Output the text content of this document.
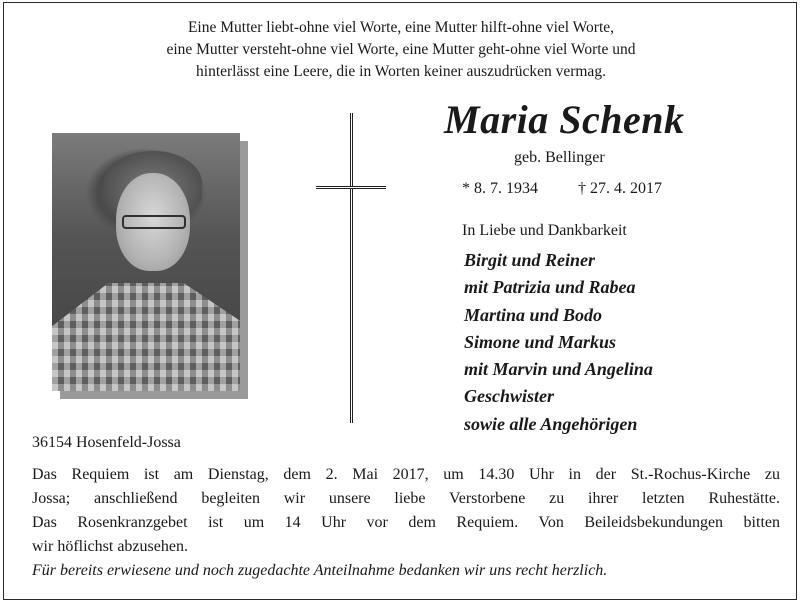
Eine Mutter liebt-ohne viel Worte, eine Mutter hilft-ohne viel Worte,
eine Mutter versteht-ohne viel Worte, eine Mutter geht-ohne viel Worte und
hinterlässt eine Leere, die in Worten keiner auszudrücken vermag.
Maria Schenk
geb. Bellinger
* 8. 7. 1934	† 27. 4. 2017
In Liebe und Dankbarkeit
Birgit und Reiner
mit Patrizia und Rabea
Martina und Bodo
Simone und Markus
mit Marvin und Angelina
Geschwister
sowie alle Angehörigen
36154 Hosenfeld-Jossa
Das Requiem ist am Dienstag, dem 2. Mai 2017, um 14.30 Uhr in der St.-Rochus-Kirche zu
Jossa; anschließend begleiten wir unsere liebe Verstorbene zu ihrer letzten Ruhestätte.
Das Rosenkranzgebet ist um 14 Uhr vor dem Requiem. Von Beileidsbekundungen bitten
wir höflichst abzusehen.
Für bereits erwiesene und noch zugedachte Anteilnahme bedanken wir uns recht herzlich.
